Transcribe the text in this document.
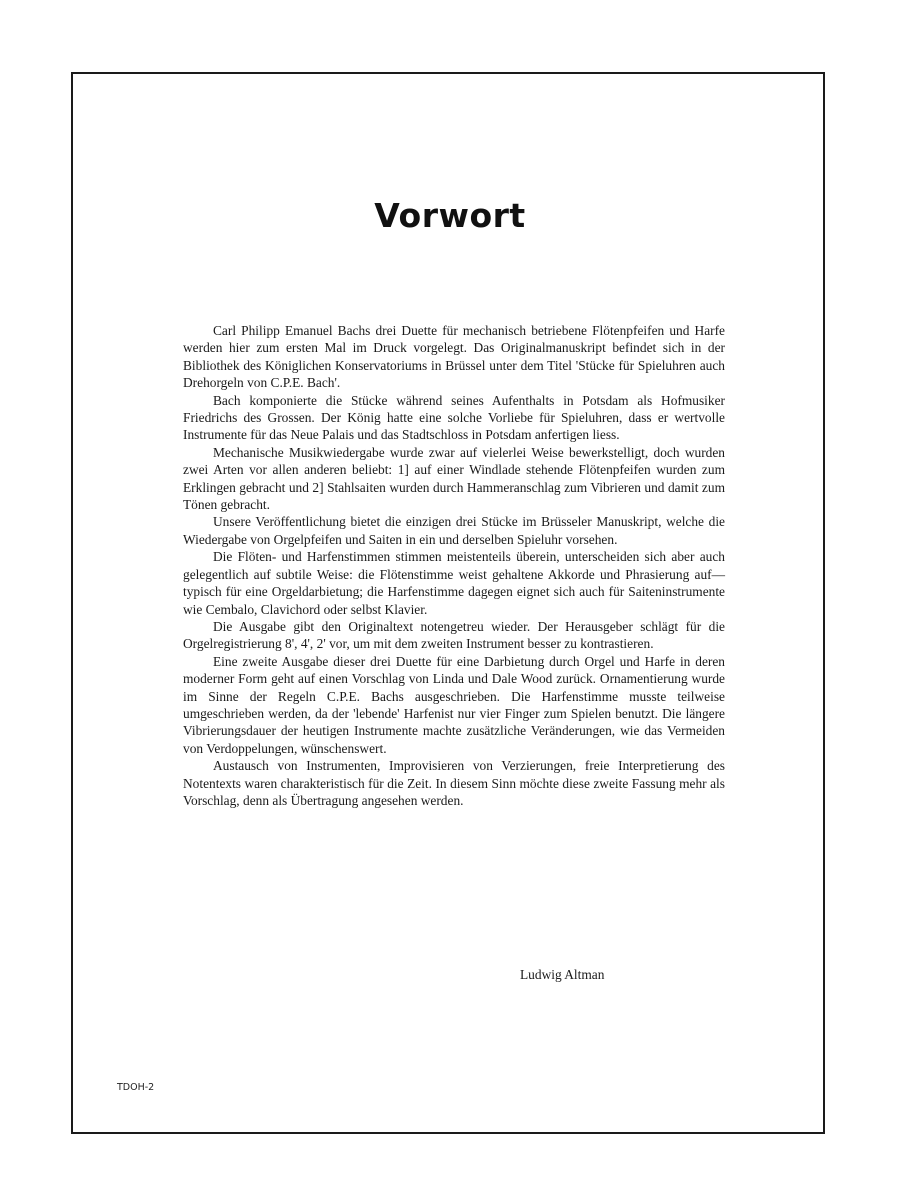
Vorwort

Carl Philipp Emanuel Bachs drei Duette für mechanisch betriebene Flötenpfeifen und Harfe werden hier zum ersten Mal im Druck vorgelegt. Das Originalmanuskript befindet sich in der Bibliothek des Königlichen Konservatoriums in Brüssel unter dem Titel 'Stücke für Spieluhren auch Drehorgeln von C.P.E. Bach'.

Bach komponierte die Stücke während seines Aufenthalts in Potsdam als Hofmusiker Friedrichs des Grossen. Der König hatte eine solche Vorliebe für Spieluhren, dass er wertvolle Instrumente für das Neue Palais und das Stadtschloss in Potsdam anfertigen liess.

Mechanische Musikwiedergabe wurde zwar auf vielerlei Weise bewerkstelligt, doch wurden zwei Arten vor allen anderen beliebt: 1] auf einer Windlade stehende Flötenpfeifen wurden zum Erklingen gebracht und 2] Stahlsaiten wurden durch Hammeranschlag zum Vibrieren und damit zum Tönen gebracht.

Unsere Veröffentlichung bietet die einzigen drei Stücke im Brüsseler Manuskript, welche die Wiedergabe von Orgelpfeifen und Saiten in ein und derselben Spieluhr vorsehen.

Die Flöten- und Harfenstimmen stimmen meistenteils überein, unterscheiden sich aber auch gelegentlich auf subtile Weise: die Flötenstimme weist gehaltene Akkorde und Phrasierung auf—typisch für eine Orgeldarbietung; die Harfenstimme dagegen eignet sich auch für Saiteninstrumente wie Cembalo, Clavichord oder selbst Klavier.

Die Ausgabe gibt den Originaltext notengetreu wieder. Der Herausgeber schlägt für die Orgelregistrierung 8', 4', 2' vor, um mit dem zweiten Instrument besser zu kontrastieren.

Eine zweite Ausgabe dieser drei Duette für eine Darbietung durch Orgel und Harfe in deren moderner Form geht auf einen Vorschlag von Linda und Dale Wood zurück. Ornamentierung wurde im Sinne der Regeln C.P.E. Bachs ausgeschrieben. Die Harfenstimme musste teilweise umgeschrieben werden, da der 'lebende' Harfenist nur vier Finger zum Spielen benutzt. Die längere Vibrierungsdauer der heutigen Instrumente machte zusätzliche Veränderungen, wie das Vermeiden von Verdoppelungen, wünschenswert.

Austausch von Instrumenten, Improvisieren von Verzierungen, freie Interpretierung des Notentexts waren charakteristisch für die Zeit. In diesem Sinn möchte diese zweite Fassung mehr als Vorschlag, denn als Übertragung angesehen werden.

Ludwig Altman
TDOH-2
